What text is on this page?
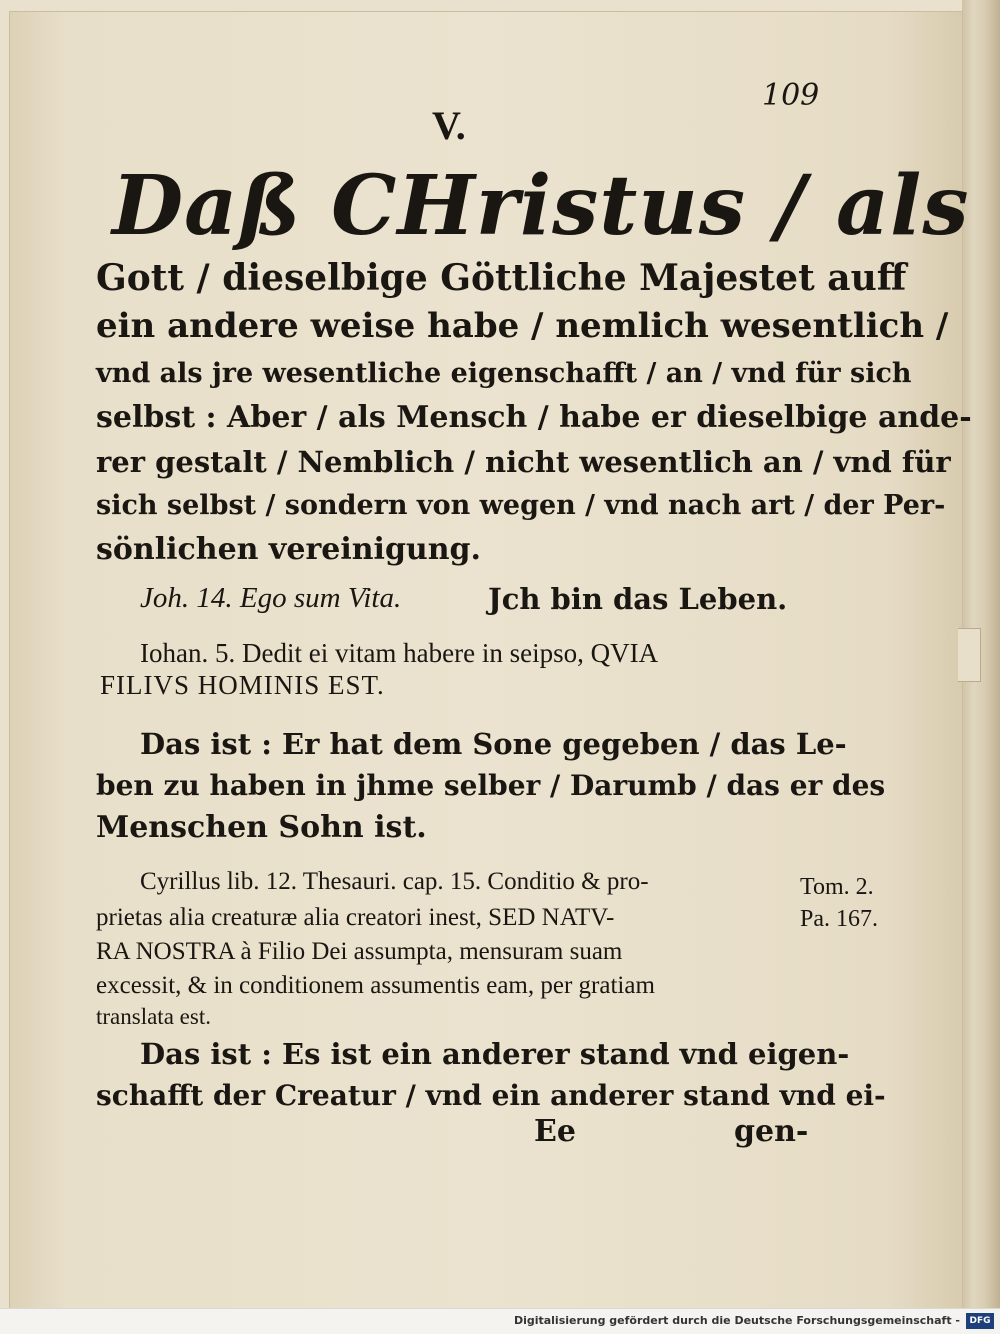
109
V.
Daß CHristus / als
Gott / dieselbige Göttliche Majestet auff
ein andere weise habe / nemlich wesentlich /
vnd als jre wesentliche eigenschafft / an / vnd für sich
selbst : Aber / als Mensch / habe er dieselbige ande-
rer gestalt / Nemblich / nicht wesentlich an / vnd für
sich selbst / sondern von wegen / vnd nach art / der Per-
sönlichen vereinigung.
Joh. 14. Ego sum Vita.	Jch bin das Leben.
Iohan. 5. Dedit ei vitam habere in seipso, QVIA
FILIVS HOMINIS EST.
Das ist : Er hat dem Sone gegeben / das Le-
ben zu haben in jhme selber / Darumb / das er des
Menschen Sohn ist.
Cyrillus lib. 12. Thesauri. cap. 15. Conditio & pro-
prietas alia creaturæ alia creatori inest, SED NATV-
RA NOSTRA à Filio Dei assumpta, mensuram suam
excessit, & in conditionem assumentis eam, per gratiam
translata est.
Tom. 2.
Pa. 167.
Das ist : Es ist ein anderer stand vnd eigen-
schafft der Creatur / vnd ein anderer stand vnd ei-
Ee	gen-
Digitalisierung gefördert durch die Deutsche Forschungsgemeinschaft -	DFG
